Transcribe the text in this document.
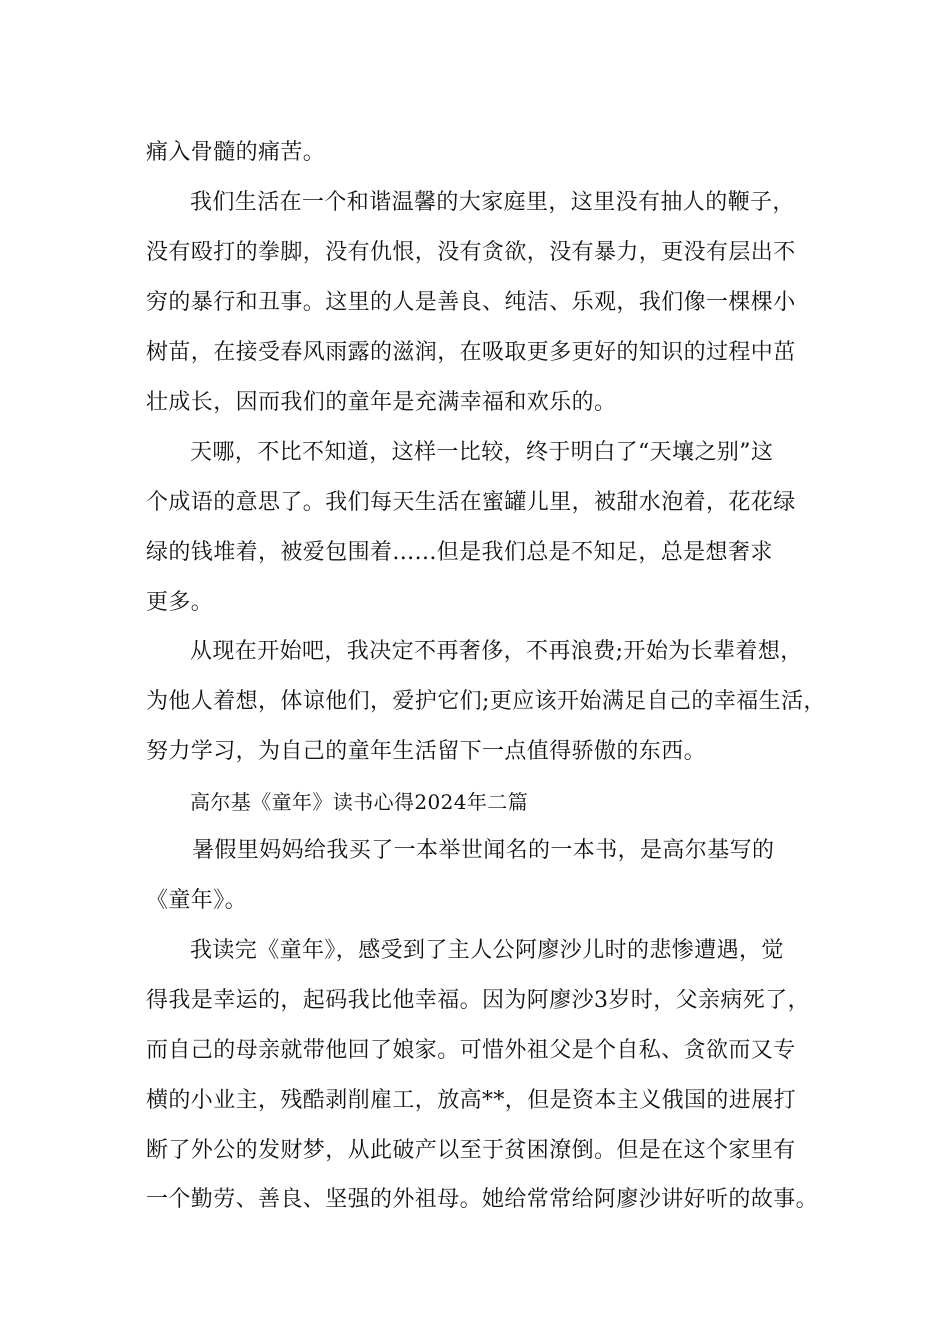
痛入骨髓的痛苦。
我们生活在一个和谐温馨的大家庭里，这里没有抽人的鞭子，
没有殴打的拳脚，没有仇恨，没有贪欲，没有暴力，更没有层出不
穷的暴行和丑事。这里的人是善良、纯洁、乐观，我们像一棵棵小
树苗，在接受春风雨露的滋润，在吸取更多更好的知识的过程中茁
壮成长，因而我们的童年是充满幸福和欢乐的。
天哪，不比不知道，这样一比较，终于明白了“天壤之别”这
个成语的意思了。我们每天生活在蜜罐儿里，被甜水泡着，花花绿
绿的钱堆着，被爱包围着......但是我们总是不知足，总是想奢求
更多。
从现在开始吧，我决定不再奢侈，不再浪费;开始为长辈着想，
为他人着想，体谅他们，爱护它们;更应该开始满足自己的幸福生活，
努力学习，为自己的童年生活留下一点值得骄傲的东西。
高尔基《童年》读书心得2024年二篇
暑假里妈妈给我买了一本举世闻名的一本书，是高尔基写的
《童年》。
我读完《童年》，感受到了主人公阿廖沙儿时的悲惨遭遇，觉
得我是幸运的，起码我比他幸福。因为阿廖沙3岁时，父亲病死了，
而自己的母亲就带他回了娘家。可惜外祖父是个自私、贪欲而又专
横的小业主，残酷剥削雇工，放高**，但是资本主义俄国的进展打
断了外公的发财梦，从此破产以至于贫困潦倒。但是在这个家里有
一个勤劳、善良、坚强的外祖母。她给常常给阿廖沙讲好听的故事。
